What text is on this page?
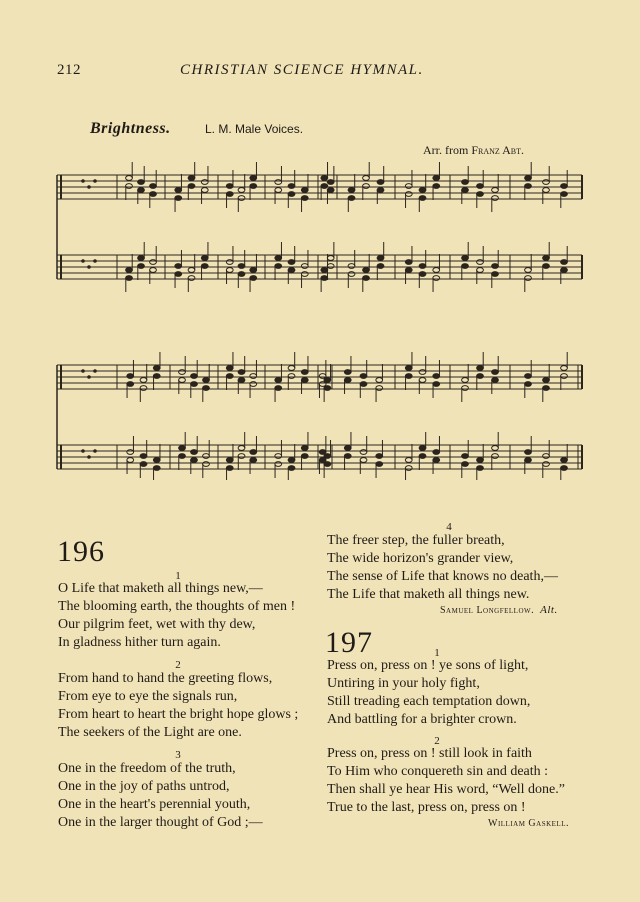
212	CHRISTIAN SCIENCE HYMNAL.
Brightness.	L. M. Male Voices.
Arr. from Franz Abt.
196
1
O Life that maketh all things new,—
The blooming earth, the thoughts of men !
Our pilgrim feet, wet with thy dew,
In gladness hither turn again.
2
From hand to hand the greeting flows,
From eye to eye the signals run,
From heart to heart the bright hope glows ;
The seekers of the Light are one.
3
One in the freedom of the truth,
One in the joy of paths untrod,
One in the heart's perennial youth,
One in the larger thought of God ;—
4
The freer step, the fuller breath,
The wide horizon's grander view,
The sense of Life that knows no death,—
The Life that maketh all things new.
Samuel Longfellow. Alt.
197	1
Press on, press on ! ye sons of light,
Untiring in your holy fight,
Still treading each temptation down,
And battling for a brighter crown.
2
Press on, press on ! still look in faith
To Him who conquereth sin and death :
Then shall ye hear His word, “Well done.”
True to the last, press on, press on !
William Gaskell.
